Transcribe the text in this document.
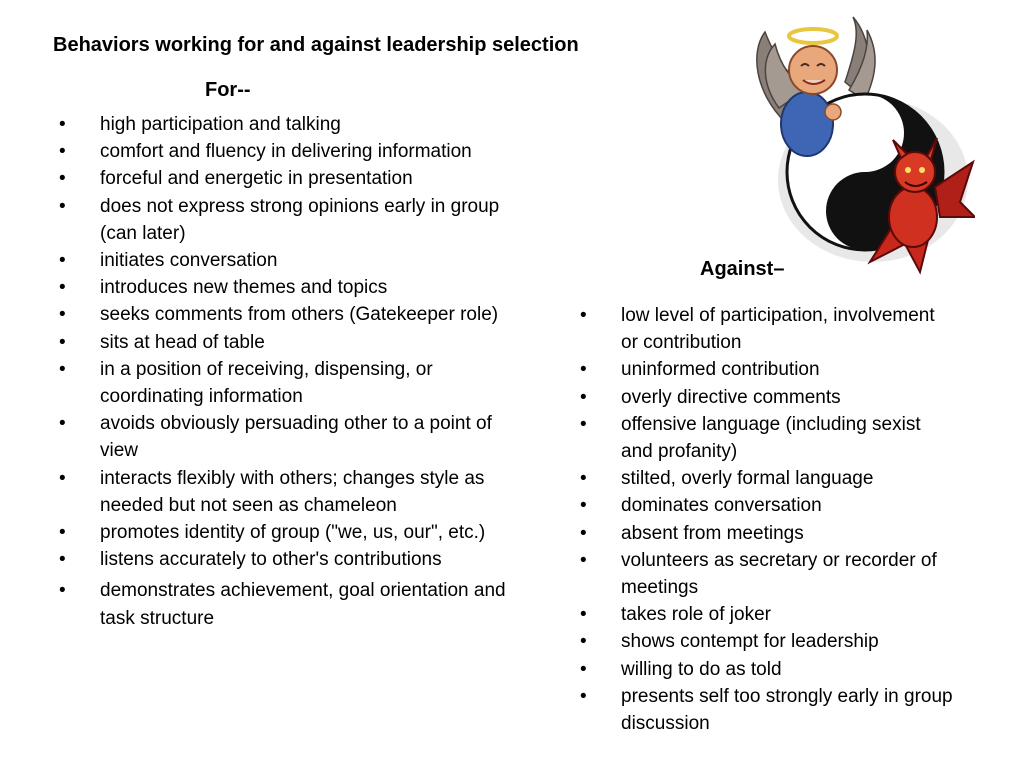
Behaviors working for and against leadership selection
For--
• high participation and talking
• comfort and fluency in delivering information
• forceful and energetic in presentation
• does not express strong opinions early in group (can later)
• initiates conversation
• introduces new themes and topics
• seeks comments from others (Gatekeeper role)
• sits at head of table
• in a position of receiving, dispensing, or coordinating information
• avoids obviously persuading other to a point of view
• interacts flexibly with others; changes style as needed but not seen as chameleon
• promotes identity of group ("we, us, our", etc.)
• listens accurately to other's contributions
• demonstrates achievement, goal orientation and task structure
Against–
• low level of participation, involvement or contribution
• uninformed contribution
• overly directive comments
• offensive language (including sexist and profanity)
• stilted, overly formal language
• dominates conversation
• absent from meetings
• volunteers as secretary or recorder of meetings
• takes role of joker
• shows contempt for leadership
• willing to do as told
• presents self too strongly early in group discussion
